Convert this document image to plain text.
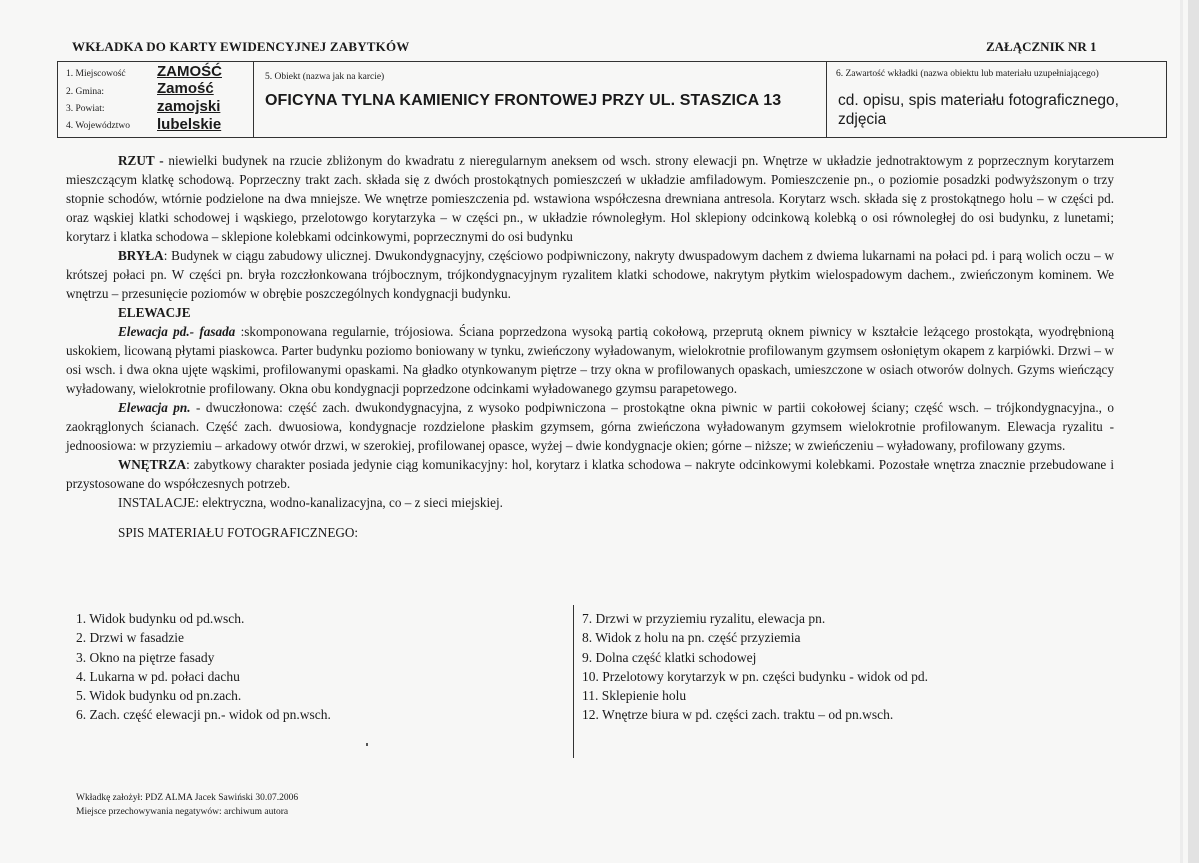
WKŁADKA DO KARTY EWIDENCYJNEJ ZABYTKÓW	ZAŁĄCZNIK NR 1
1. Miejscowość ZAMOŚĆ
2. Gmina:	Zamość
3. Powiat:	zamojski
4. Województwo lubelskie
5. Obiekt (nazwa jak na karcie)
OFICYNA TYLNA KAMIENICY FRONTOWEJ PRZY UL. STASZICA 13
6. Zawartość wkładki (nazwa obiektu lub materiału uzupełniającego)
cd. opisu, spis materiału fotograficznego, zdjęcia

RZUT - niewielki budynek na rzucie zbliżonym do kwadratu z nieregularnym aneksem od wsch. strony elewacji pn. Wnętrze w układzie jednotraktowym z poprzecznym korytarzem mieszczącym klatkę schodową. Poprzeczny trakt zach. składa się z dwóch prostokątnych pomieszczeń w układzie amfiladowym. Pomieszczenie pn., o poziomie posadzki podwyższonym o trzy stopnie schodów, wtórnie podzielone na dwa mniejsze. We wnętrze pomieszczenia pd. wstawiona współczesna drewniana antresola. Korytarz wsch. składa się z prostokątnego holu – w części pd. oraz wąskiej klatki schodowej i wąskiego, przelotowgo korytarzyka – w części pn., w układzie równoległym. Hol sklepiony odcinkową kolebką o osi równoległej do osi budynku, z lunetami; korytarz i klatka schodowa – sklepione kolebkami odcinkowymi, poprzecznymi do osi budynku

BRYŁA: Budynek w ciągu zabudowy ulicznej. Dwukondygnacyjny, częściowo podpiwniczony, nakryty dwuspadowym dachem z dwiema lukarnami na połaci pd. i parą wolich oczu – w krótszej połaci pn. W części pn. bryła rozczłonkowana trójbocznym, trójkondygnacyjnym ryzalitem klatki schodowe, nakrytym płytkim wielospadowym dachem., zwieńczonym kominem. We wnętrzu – przesunięcie poziomów w obrębie poszczególnych kondygnacji budynku.

ELEWACJE

Elewacja pd.- fasada :skomponowana regularnie, trójosiowa. Ściana poprzedzona wysoką partią cokołową, przeprutą oknem piwnicy w kształcie leżącego prostokąta, wyodrębnioną uskokiem, licowaną płytami piaskowca. Parter budynku poziomo boniowany w tynku, zwieńczony wyładowanym, wielokrotnie profilowanym gzymsem osłoniętym okapem z karpiówki. Drzwi – w osi wsch. i dwa okna ujęte wąskimi, profilowanymi opaskami. Na gładko otynkowanym piętrze – trzy okna w profilowanych opaskach, umieszczone w osiach otworów dolnych. Gzyms wieńczący wyładowany, wielokrotnie profilowany. Okna obu kondygnacji poprzedzone odcinkami wyładowanego gzymsu parapetowego.

Elewacja pn. - dwuczłonowa: część zach. dwukondygnacyjna, z wysoko podpiwniczona – prostokątne okna piwnic w partii cokołowej ściany; część wsch. – trójkondygnacyjna., o zaokrąglonych ścianach. Część zach. dwuosiowa, kondygnacje rozdzielone płaskim gzymsem, górna zwieńczona wyładowanym gzymsem wielokrotnie profilowanym. Elewacja ryzalitu - jednoosiowa: w przyziemiu – arkadowy otwór drzwi, w szerokiej, profilowanej opasce, wyżej – dwie kondygnacje okien; górne – niższe; w zwieńczeniu – wyładowany, profilowany gzyms.

WNĘTRZA: zabytkowy charakter posiada jedynie ciąg komunikacyjny: hol, korytarz i klatka schodowa – nakryte odcinkowymi kolebkami. Pozostałe wnętrza znacznie przebudowane i przystosowane do współczesnych potrzeb.

INSTALACJE: elektryczna, wodno-kanalizacyjna, co – z sieci miejskiej.

SPIS MATERIAŁU FOTOGRAFICZNEGO:

1. Widok budynku od pd.wsch.
2. Drzwi w fasadzie
3. Okno na piętrze fasady
4. Lukarna w pd. połaci dachu
5. Widok budynku od pn.zach.
6. Zach. część elewacji pn.- widok od pn.wsch.
7. Drzwi w przyziemiu ryzalitu, elewacja pn.
8. Widok z holu na pn. część przyziemia
9. Dolna część klatki schodowej
10. Przelotowy korytarzyk w pn. części budynku - widok od pd.
11. Sklepienie holu
12. Wnętrze biura w pd. części zach. traktu – od pn.wsch.
Wkładkę założył: PDZ ALMA Jacek Sawiński 30.07.2006
Miejsce przechowywania negatywów: archiwum autora
